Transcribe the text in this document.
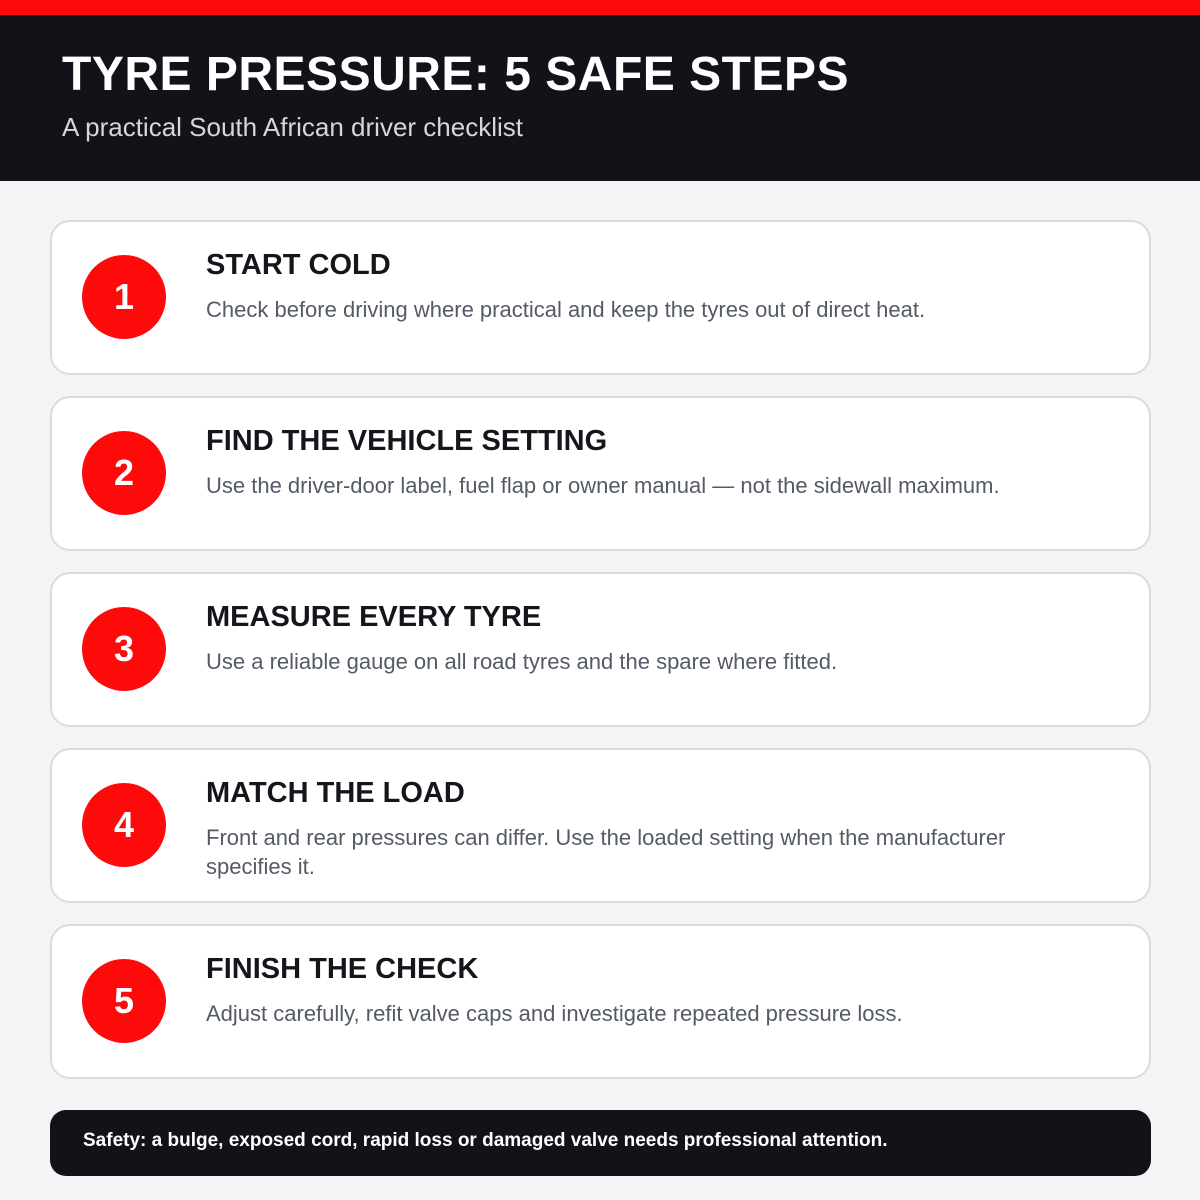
TYRE PRESSURE: 5 SAFE STEPS

A practical South African driver checklist

1
START COLD
Check before driving where practical and keep the tyres out of direct heat.
2
FIND THE VEHICLE SETTING
Use the driver-door label, fuel flap or owner manual — not the sidewall maximum.
3
MEASURE EVERY TYRE
Use a reliable gauge on all road tyres and the spare where fitted.
4
MATCH THE LOAD
Front and rear pressures can differ. Use the loaded setting when the manufacturer specifies it.
5
FINISH THE CHECK
Adjust carefully, refit valve caps and investigate repeated pressure loss.
Safety: a bulge, exposed cord, rapid loss or damaged valve needs professional attention.
